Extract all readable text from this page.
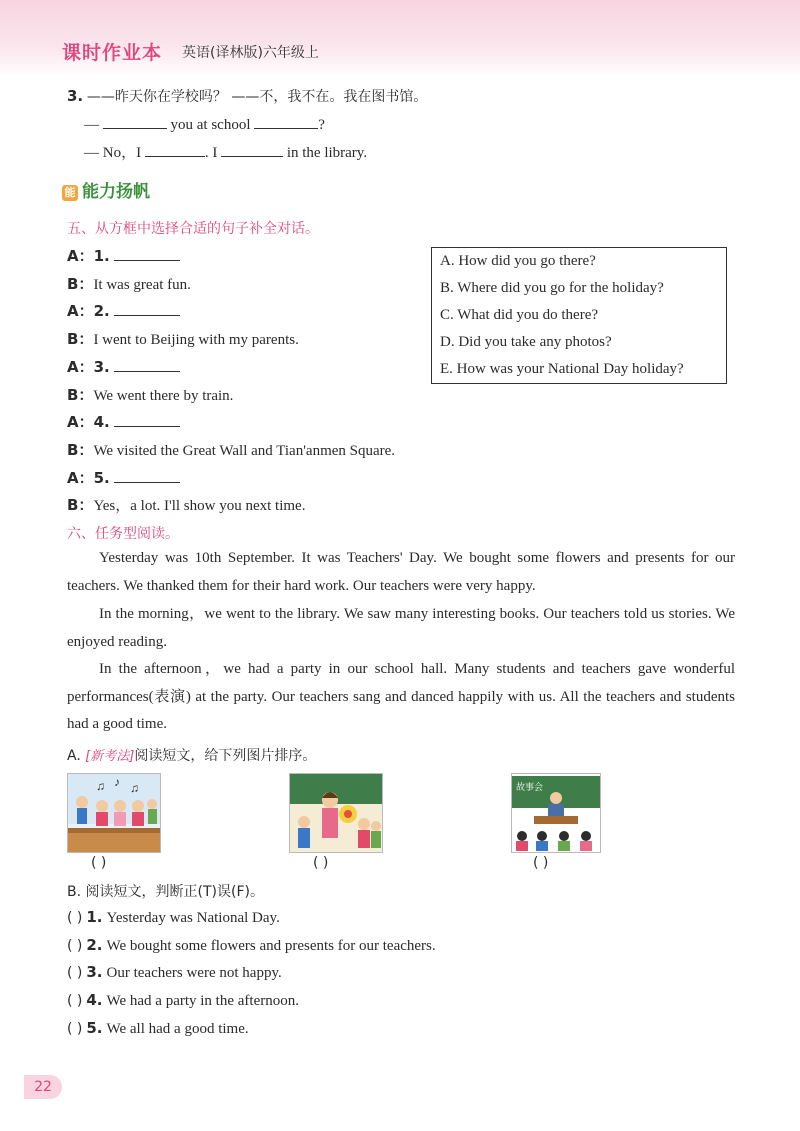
课时作业本 英语(译林版)六年级上
3. ——昨天你在学校吗？ ——不，我不在。我在图书馆。
—	you at school	?
— No，I	. I	in the library.
能 能力扬帆
五、从方框中选择合适的句子补全对话。
A：1.
B：It was great fun.
A：2.
B：I went to Beijing with my parents.
A：3.
B：We went there by train.
A：4.
B：We visited the Great Wall and Tian'anmen Square.
A：5.
B：Yes，a lot. I'll show you next time.
A. How did you go there?
B. Where did you go for the holiday?
C. What did you do there?
D. Did you take any photos?
E. How was your National Day holiday?
六、任务型阅读。
Yesterday was 10th September. It was Teachers' Day. We bought some flowers and presents for our teachers. We thanked them for their hard work. Our teachers were very happy.
In the morning，we went to the library. We saw many interesting books. Our teachers told us stories. We enjoyed reading.
In the afternoon，we had a party in our school hall. Many students and teachers gave wonderful performances(表演) at the party. Our teachers sang and danced happily with us. All the teachers and students had a good time.
A. [新考法]阅读短文，给下列图片排序。
♫ ♪ ♫	故事会
( )	( )	( )
B. 阅读短文，判断正(T)误(F)。
( ) 1. Yesterday was National Day.
( ) 2. We bought some flowers and presents for our teachers.
( ) 3. Our teachers were not happy.
( ) 4. We had a party in the afternoon.
( ) 5. We all had a good time.
22
